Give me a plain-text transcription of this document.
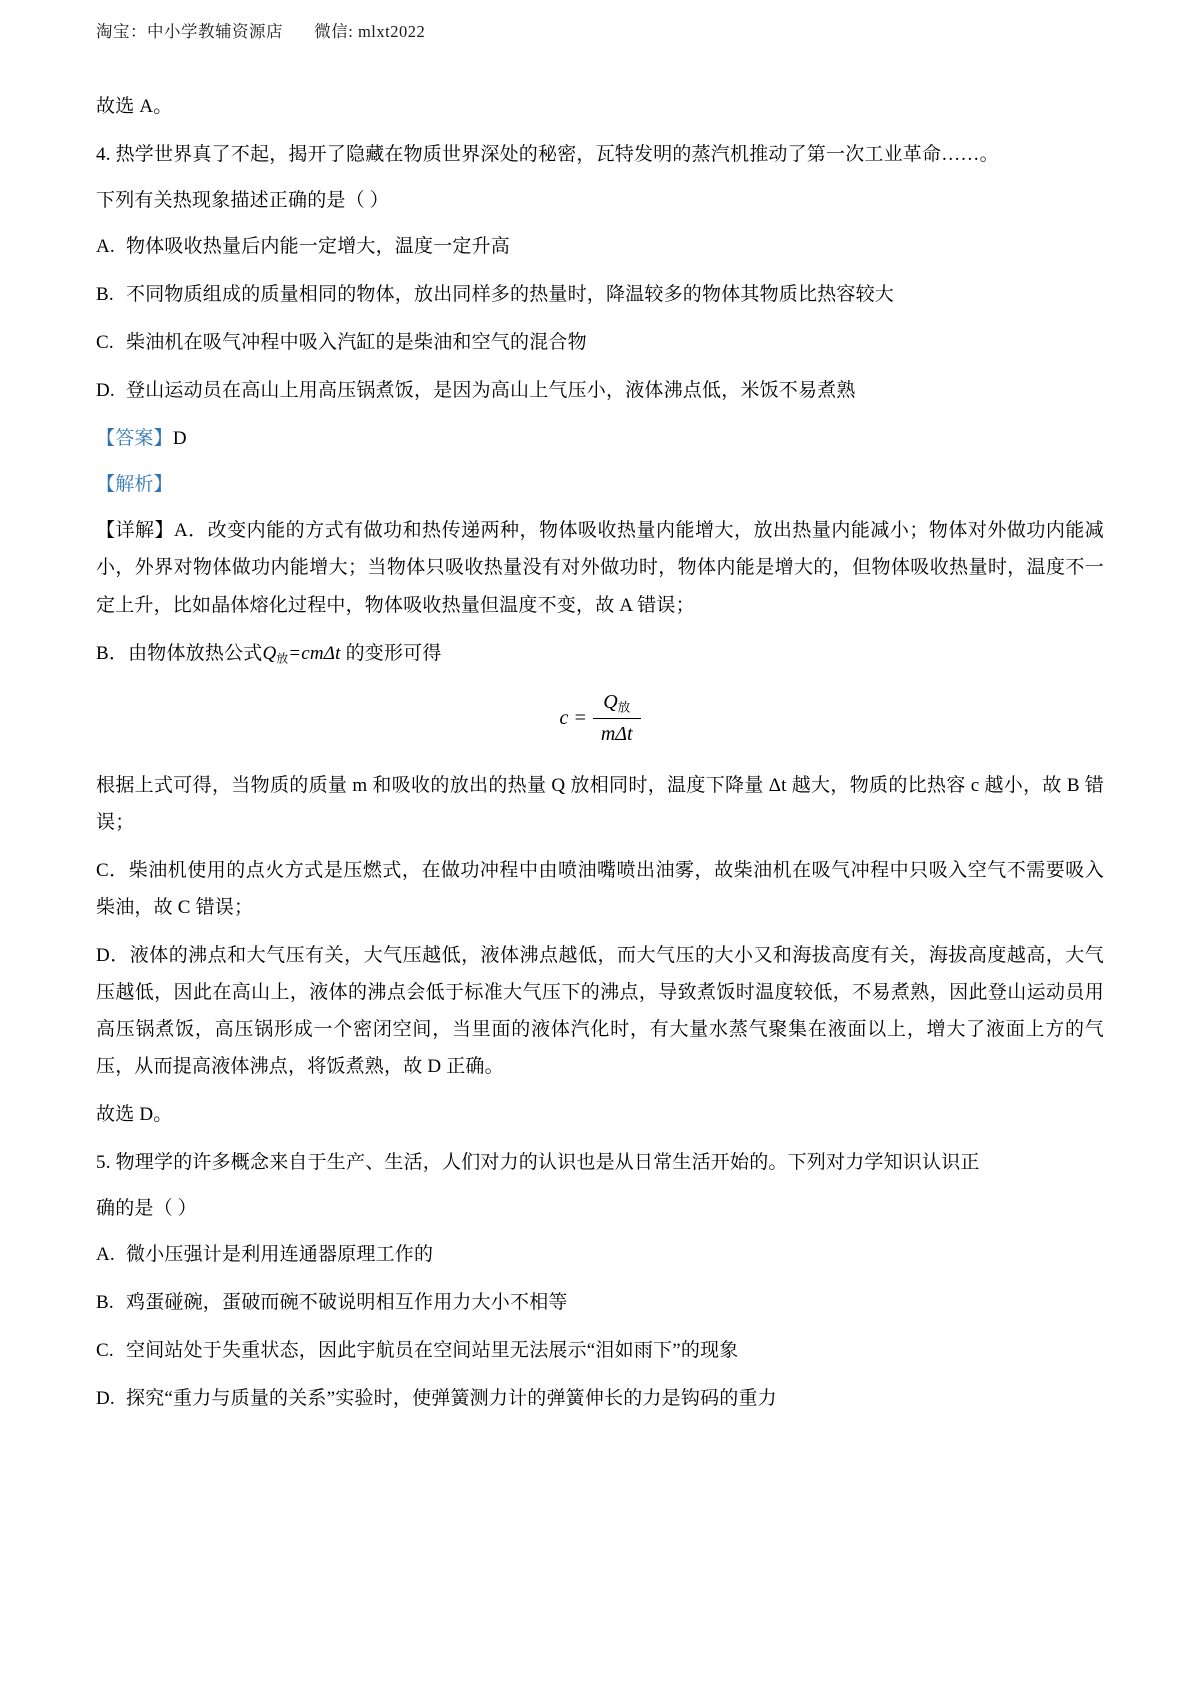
淘宝：中小学教辅资源店 微信: mlxt2022

故选 A。

4. 热学世界真了不起，揭开了隐藏在物质世界深处的秘密，瓦特发明的蒸汽机推动了第一次工业革命……。

下列有关热现象描述正确的是（ ）

A. 物体吸收热量后内能一定增大，温度一定升高

B. 不同物质组成的质量相同的物体，放出同样多的热量时，降温较多的物体其物质比热容较大

C. 柴油机在吸气冲程中吸入汽缸的是柴油和空气的混合物

D. 登山运动员在高山上用高压锅煮饭，是因为高山上气压小，液体沸点低，米饭不易煮熟

【答案】D

【解析】

【详解】A．改变内能的方式有做功和热传递两种，物体吸收热量内能增大，放出热量内能减小；物体对外做功内能减小，外界对物体做功内能增大；当物体只吸收热量没有对外做功时，物体内能是增大的，但物体吸收热量时，温度不一定上升，比如晶体熔化过程中，物体吸收热量但温度不变，故 A 错误；

B．由物体放热公式$Q_放=cm\Delta t$ 的变形可得

$c = \frac{Q_放}{\text{mΔt}}$

根据上式可得，当物质的质量 m 和吸收的放出的热量 Q 放相同时，温度下降量 Δt 越大，物质的比热容 c 越小，故 B 错误；

C．柴油机使用的点火方式是压燃式，在做功冲程中由喷油嘴喷出油雾，故柴油机在吸气冲程中只吸入空气不需要吸入柴油，故 C 错误；

D．液体的沸点和大气压有关，大气压越低，液体沸点越低，而大气压的大小又和海拔高度有关，海拔高度越高，大气压越低，因此在高山上，液体的沸点会低于标准大气压下的沸点，导致煮饭时温度较低，不易煮熟，因此登山运动员用高压锅煮饭，高压锅形成一个密闭空间，当里面的液体汽化时，有大量水蒸气聚集在液面以上，增大了液面上方的气压，从而提高液体沸点，将饭煮熟，故 D 正确。

故选 D。

5. 物理学的许多概念来自于生产、生活，人们对力的认识也是从日常生活开始的。下列对力学知识认识正

确的是（ ）

A. 微小压强计是利用连通器原理工作的

B. 鸡蛋碰碗，蛋破而碗不破说明相互作用力大小不相等

C. 空间站处于失重状态，因此宇航员在空间站里无法展示“泪如雨下”的现象

D. 探究“重力与质量的关系”实验时，使弹簧测力计的弹簧伸长的力是钩码的重力
